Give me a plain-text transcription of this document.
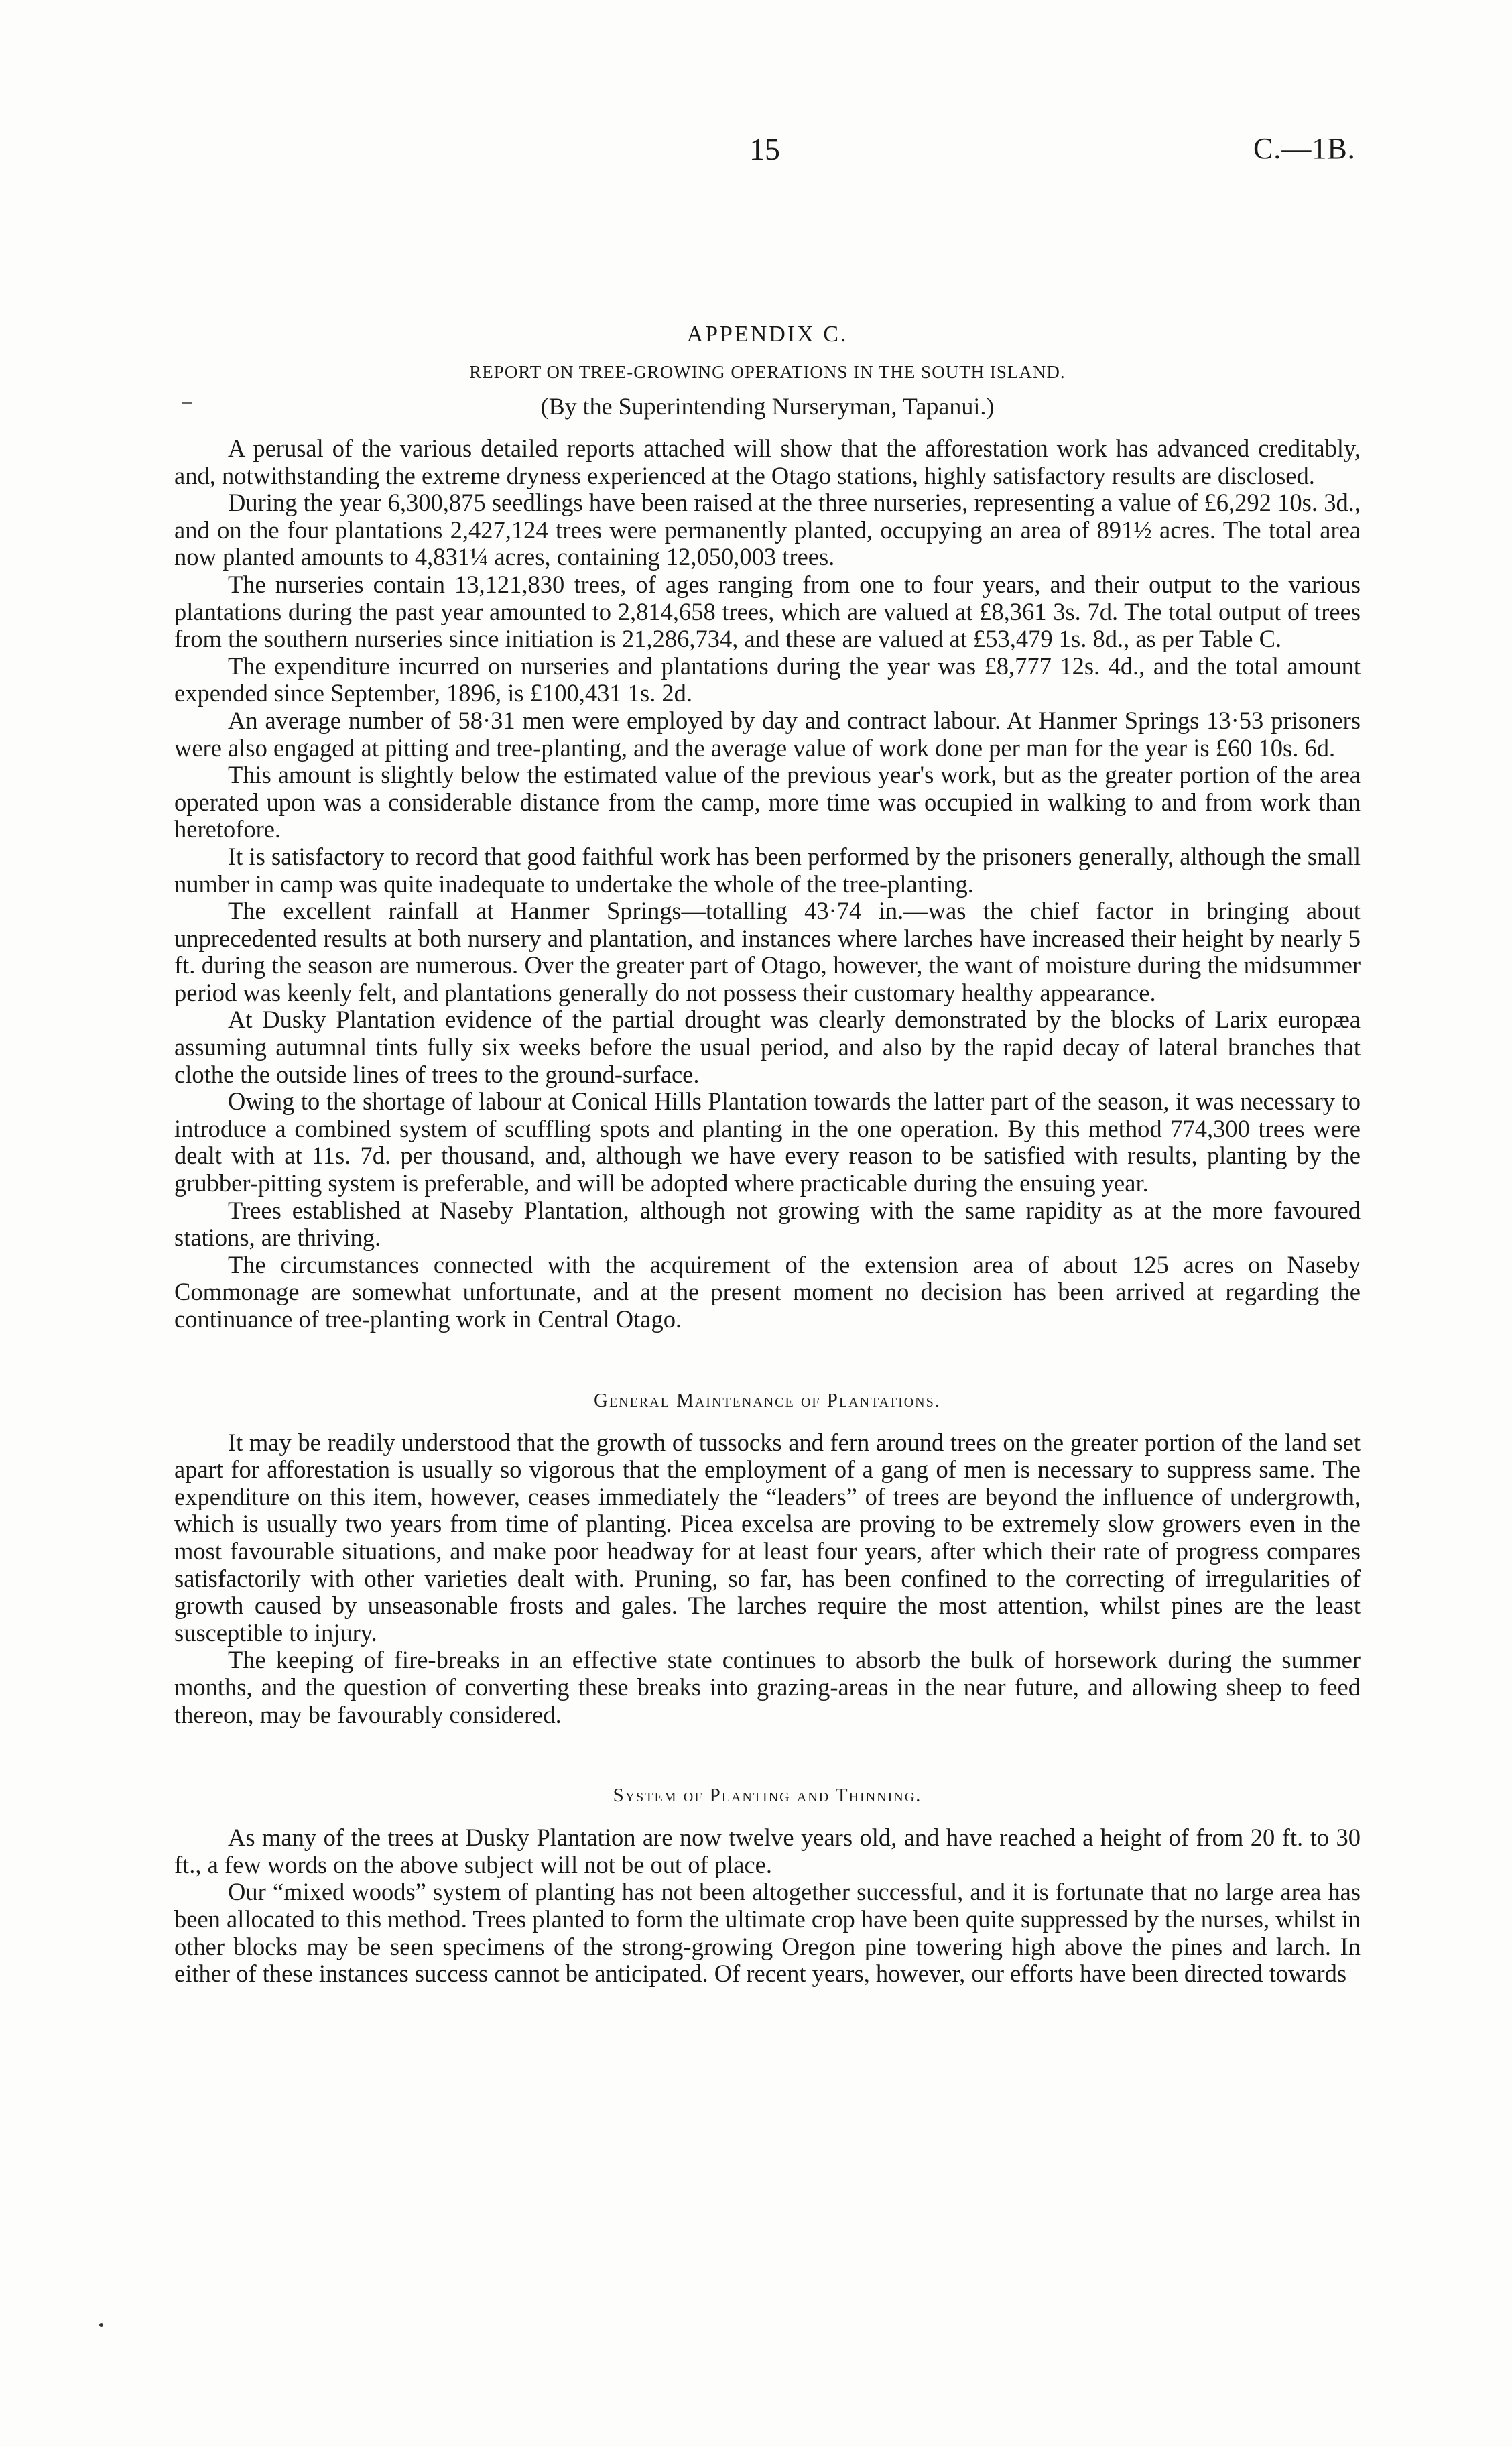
15	C.—1B.
APPENDIX C.
REPORT ON TREE-GROWING OPERATIONS IN THE SOUTH ISLAND.
(By the Superintending Nurseryman, Tapanui.)

A perusal of the various detailed reports attached will show that the afforestation work has advanced creditably, and, notwithstanding the extreme dryness experienced at the Otago stations, highly satisfactory results are disclosed.

During the year 6,300,875 seedlings have been raised at the three nurseries, representing a value of £6,292 10s. 3d., and on the four plantations 2,427,124 trees were permanently planted, occupying an area of 891½ acres. The total area now planted amounts to 4,831¼ acres, containing 12,050,003 trees.

The nurseries contain 13,121,830 trees, of ages ranging from one to four years, and their output to the various plantations during the past year amounted to 2,814,658 trees, which are valued at £8,361 3s. 7d. The total output of trees from the southern nurseries since initiation is 21,286,734, and these are valued at £53,479 1s. 8d., as per Table C.

The expenditure incurred on nurseries and plantations during the year was £8,777 12s. 4d., and the total amount expended since September, 1896, is £100,431 1s. 2d.

An average number of 58·31 men were employed by day and contract labour. At Hanmer Springs 13·53 prisoners were also engaged at pitting and tree-planting, and the average value of work done per man for the year is £60 10s. 6d.

This amount is slightly below the estimated value of the previous year's work, but as the greater portion of the area operated upon was a considerable distance from the camp, more time was occupied in walking to and from work than heretofore.

It is satisfactory to record that good faithful work has been performed by the prisoners generally, although the small number in camp was quite inadequate to undertake the whole of the tree-planting.

The excellent rainfall at Hanmer Springs—totalling 43·74 in.—was the chief factor in bringing about unprecedented results at both nursery and plantation, and instances where larches have increased their height by nearly 5 ft. during the season are numerous. Over the greater part of Otago, however, the want of moisture during the midsummer period was keenly felt, and plantations generally do not possess their customary healthy appearance.

At Dusky Plantation evidence of the partial drought was clearly demonstrated by the blocks of Larix europæa assuming autumnal tints fully six weeks before the usual period, and also by the rapid decay of lateral branches that clothe the outside lines of trees to the ground-surface.

Owing to the shortage of labour at Conical Hills Plantation towards the latter part of the season, it was necessary to introduce a combined system of scuffling spots and planting in the one operation. By this method 774,300 trees were dealt with at 11s. 7d. per thousand, and, although we have every reason to be satisfied with results, planting by the grubber-pitting system is preferable, and will be adopted where practicable during the ensuing year.

Trees established at Naseby Plantation, although not growing with the same rapidity as at the more favoured stations, are thriving.

The circumstances connected with the acquirement of the extension area of about 125 acres on Naseby Commonage are somewhat unfortunate, and at the present moment no decision has been arrived at regarding the continuance of tree-planting work in Central Otago.

General Maintenance of Plantations.

It may be readily understood that the growth of tussocks and fern around trees on the greater portion of the land set apart for afforestation is usually so vigorous that the employment of a gang of men is necessary to suppress same. The expenditure on this item, however, ceases immediately the “leaders” of trees are beyond the influence of undergrowth, which is usually two years from time of planting. Picea excelsa are proving to be extremely slow growers even in the most favourable situations, and make poor headway for at least four years, after which their rate of progress compares satisfactorily with other varieties dealt with. Pruning, so far, has been confined to the correcting of irregularities of growth caused by unseasonable frosts and gales. The larches require the most attention, whilst pines are the least susceptible to injury.

The keeping of fire-breaks in an effective state continues to absorb the bulk of horsework during the summer months, and the question of converting these breaks into grazing-areas in the near future, and allowing sheep to feed thereon, may be favourably considered.

System of Planting and Thinning.

As many of the trees at Dusky Plantation are now twelve years old, and have reached a height of from 20 ft. to 30 ft., a few words on the above subject will not be out of place.

Our “mixed woods” system of planting has not been altogether successful, and it is fortunate that no large area has been allocated to this method. Trees planted to form the ultimate crop have been quite suppressed by the nurses, whilst in other blocks may be seen specimens of the strong-growing Oregon pine towering high above the pines and larch. In either of these instances success cannot be anticipated. Of recent years, however, our efforts have been directed towards
